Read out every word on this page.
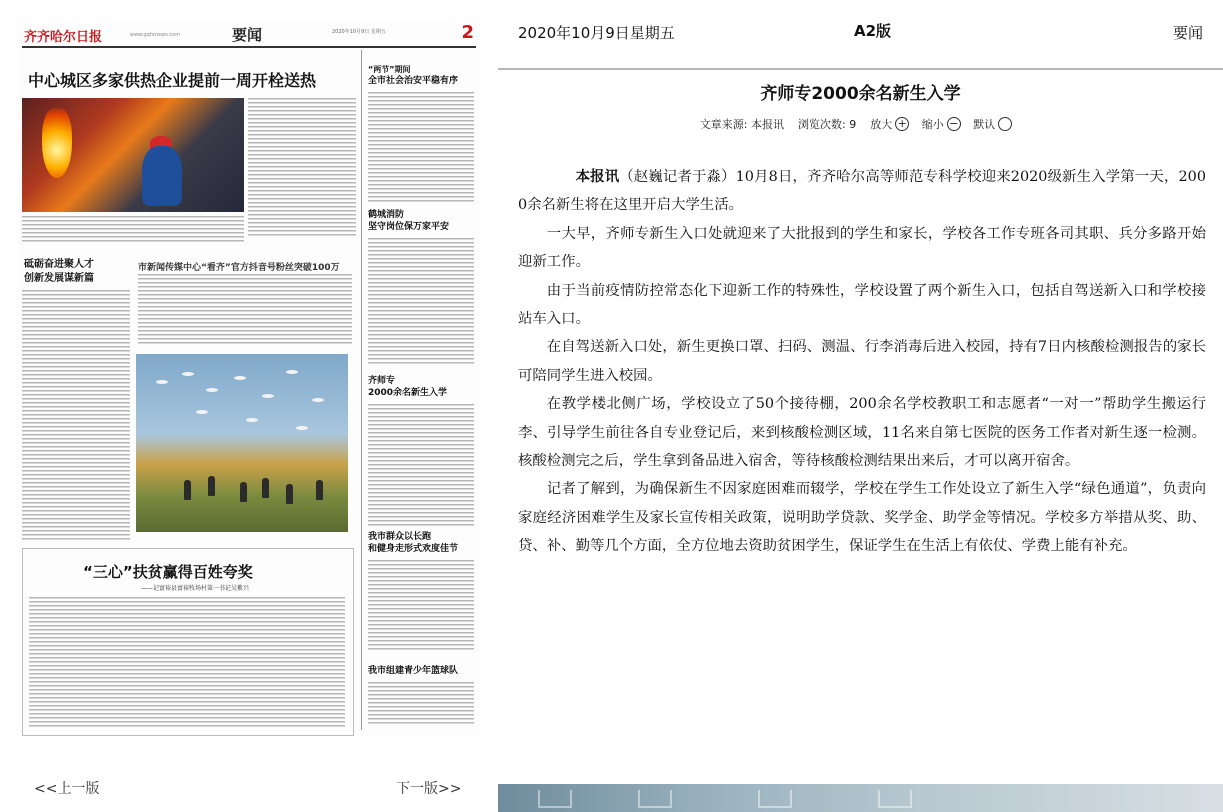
齐齐哈尔日报	www.qqhrnews.com	要闻	2020年10月9日 星期五	2
中心城区多家供热企业提前一周开栓送热
“两节”期间
全市社会治安平稳有序
鹤城消防
坚守岗位保万家平安
齐师专
2000余名新生入学
我市群众以长跑
和健身走形式欢度佳节
我市组建青少年篮球队
砥砺奋进聚人才
创新发展谋新篇
市新闻传媒中心“看齐”官方抖音号粉丝突破100万
“三心”扶贫赢得百姓夸奖
——记富裕县富裕牧场村第一书记吴紫兴
<<上一版	下一版>>
2020年10月9日星期五	A2版	要闻
齐师专2000余名新生入学
文章来源: 本报讯 浏览次数: 9 放大 + 缩小 − 默认

本报讯（赵巍记者于淼）10月8日，齐齐哈尔高等师范专科学校迎来2020级新生入学第一天，2000余名新生将在这里开启大学生活。

一大早，齐师专新生入口处就迎来了大批报到的学生和家长，学校各工作专班各司其职、兵分多路开始迎新工作。

由于当前疫情防控常态化下迎新工作的特殊性，学校设置了两个新生入口，包括自驾送新入口和学校接站车入口。

在自驾送新入口处，新生更换口罩、扫码、测温、行李消毒后进入校园，持有7日内核酸检测报告的家长可陪同学生进入校园。

在教学楼北侧广场，学校设立了50个接待棚，200余名学校教职工和志愿者“一对一”帮助学生搬运行李、引导学生前往各自专业登记后，来到核酸检测区域，11名来自第七医院的医务工作者对新生逐一检测。核酸检测完之后，学生拿到备品进入宿舍，等待核酸检测结果出来后，才可以离开宿舍。

记者了解到，为确保新生不因家庭困难而辍学，学校在学生工作处设立了新生入学“绿色通道”，负责向家庭经济困难学生及家长宣传相关政策，说明助学贷款、奖学金、助学金等情况。学校多方举措从奖、助、贷、补、勤等几个方面，全方位地去资助贫困学生，保证学生在生活上有依仗、学费上能有补充。
